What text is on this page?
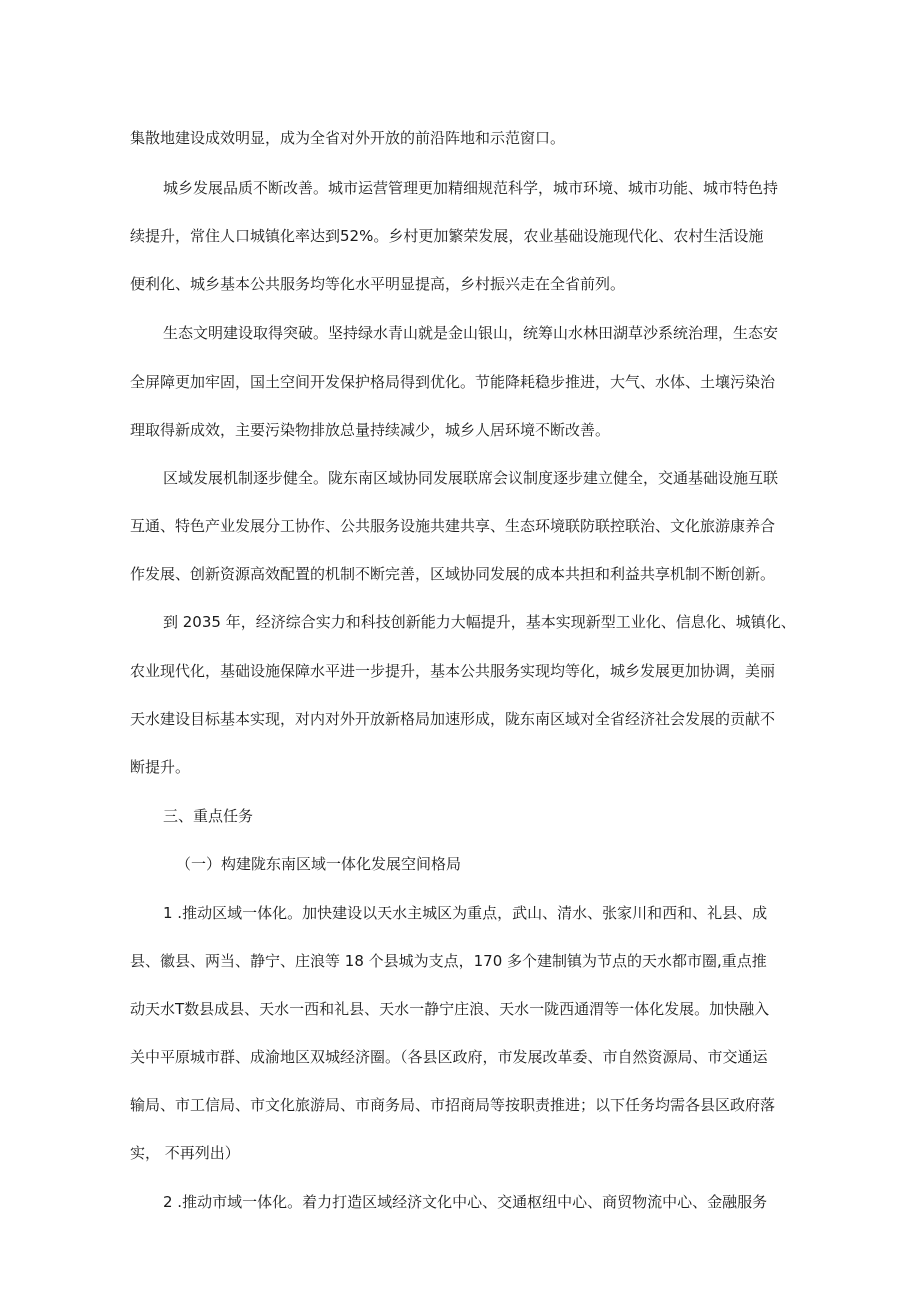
集散地建设成效明显，成为全省对外开放的前沿阵地和示范窗口。
城乡发展品质不断改善。城市运营管理更加精细规范科学，城市环境、城市功能、城市特色持
续提升，常住人口城镇化率达到52%。乡村更加繁荣发展，农业基础设施现代化、农村生活设施
便利化、城乡基本公共服务均等化水平明显提高，乡村振兴走在全省前列。
生态文明建设取得突破。坚持绿水青山就是金山银山，统筹山水林田湖草沙系统治理，生态安
全屏障更加牢固，国土空间开发保护格局得到优化。节能降耗稳步推进，大气、水体、土壤污染治
理取得新成效，主要污染物排放总量持续减少，城乡人居环境不断改善。
区域发展机制逐步健全。陇东南区域协同发展联席会议制度逐步建立健全，交通基础设施互联
互通、特色产业发展分工协作、公共服务设施共建共享、生态环境联防联控联治、文化旅游康养合
作发展、创新资源高效配置的机制不断完善，区域协同发展的成本共担和利益共享机制不断创新。
到 2035 年，经济综合实力和科技创新能力大幅提升，基本实现新型工业化、信息化、城镇化、
农业现代化，基础设施保障水平进一步提升，基本公共服务实现均等化，城乡发展更加协调，美丽
天水建设目标基本实现，对内对外开放新格局加速形成，陇东南区域对全省经济社会发展的贡献不
断提升。
三、重点任务
（一）构建陇东南区域一体化发展空间格局
1 .推动区域一体化。加快建设以天水主城区为重点，武山、清水、张家川和西和、礼县、成
县、徽县、两当、静宁、庄浪等 18 个县城为支点，170 多个建制镇为节点的天水都市圈,重点推
动天水T数县成县、天水一西和礼县、天水一静宁庄浪、天水一陇西通渭等一体化发展。加快融入
关中平原城市群、成渝地区双城经济圈。（各县区政府，市发展改革委、市自然资源局、市交通运
输局、市工信局、市文化旅游局、市商务局、市招商局等按职责推进；以下任务均需各县区政府落
实， 不再列出）
2 .推动市域一体化。着力打造区域经济文化中心、交通枢纽中心、商贸物流中心、金融服务
